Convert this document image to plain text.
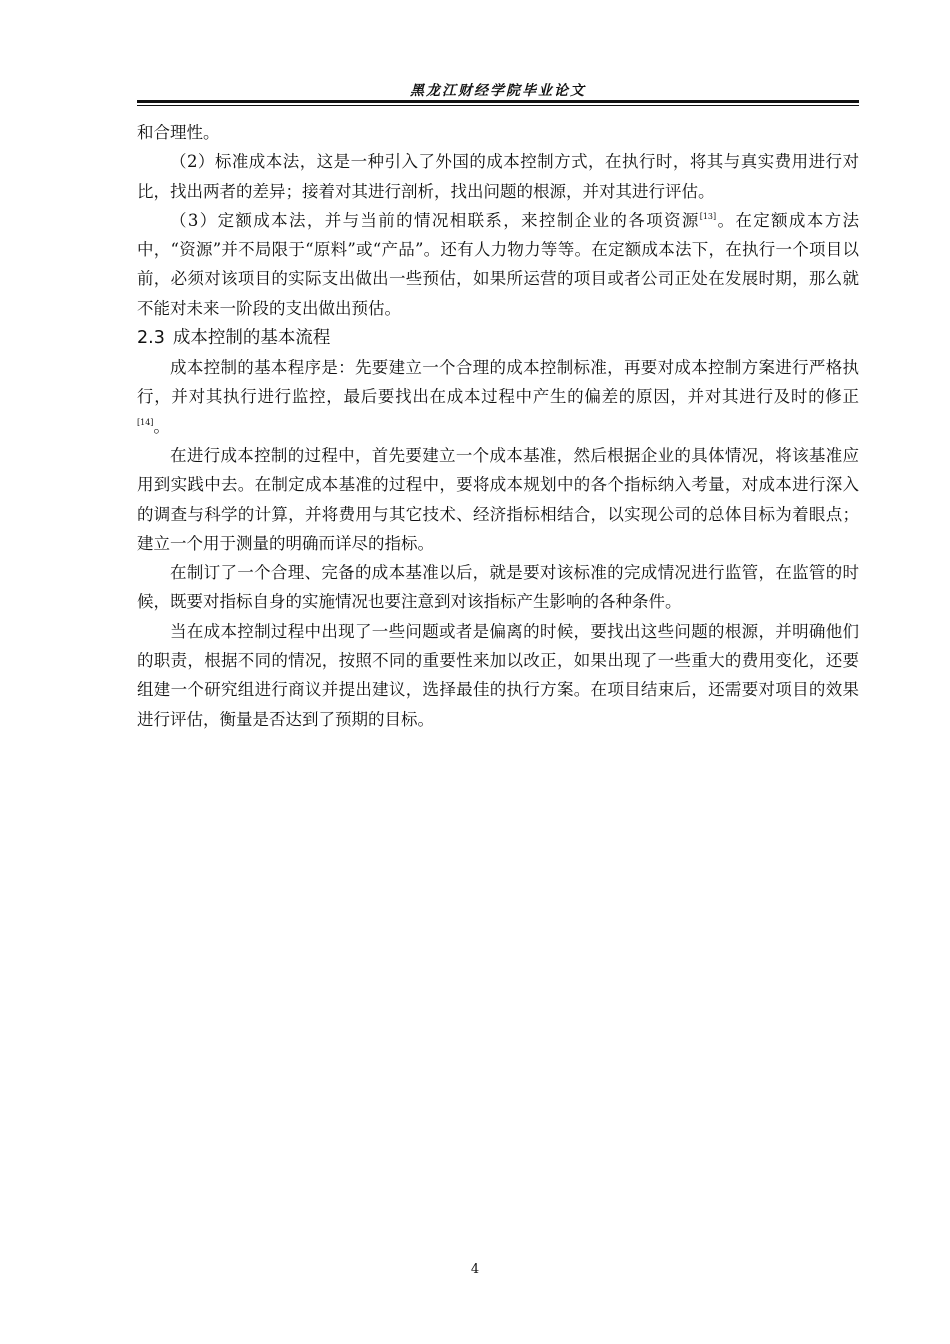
黑龙江财经学院毕业论文

和合理性。

（2）标准成本法，这是一种引入了外国的成本控制方式，在执行时，将其与真实费用进行对比，找出两者的差异；接着对其进行剖析，找出问题的根源，并对其进行评估。

（3）定额成本法，并与当前的情况相联系，来控制企业的各项资源[13]。在定额成本方法中，“资源”并不局限于“原料”或“产品”。还有人力物力等等。在定额成本法下，在执行一个项目以前，必须对该项目的实际支出做出一些预估，如果所运营的项目或者公司正处在发展时期，那么就不能对未来一阶段的支出做出预估。

2.3 成本控制的基本流程

成本控制的基本程序是：先要建立一个合理的成本控制标准，再要对成本控制方案进行严格执行，并对其执行进行监控，最后要找出在成本过程中产生的偏差的原因，并对其进行及时的修正[14]。

在进行成本控制的过程中，首先要建立一个成本基准，然后根据企业的具体情况，将该基准应用到实践中去。在制定成本基准的过程中，要将成本规划中的各个指标纳入考量，对成本进行深入的调查与科学的计算，并将费用与其它技术、经济指标相结合，以实现公司的总体目标为着眼点；建立一个用于测量的明确而详尽的指标。

在制订了一个合理、完备的成本基准以后，就是要对该标准的完成情况进行监管，在监管的时候，既要对指标自身的实施情况也要注意到对该指标产生影响的各种条件。

当在成本控制过程中出现了一些问题或者是偏离的时候，要找出这些问题的根源，并明确他们的职责，根据不同的情况，按照不同的重要性来加以改正，如果出现了一些重大的费用变化，还要组建一个研究组进行商议并提出建议，选择最佳的执行方案。在项目结束后，还需要对项目的效果进行评估，衡量是否达到了预期的目标。

4
